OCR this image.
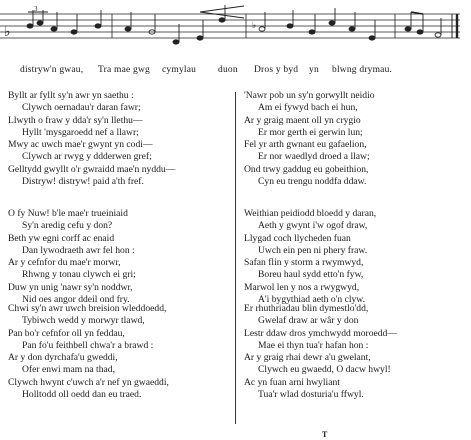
♭
3
♭
distryw'n gwau, Tra mae gwg cymylau duon Dros y byd yn blwng drymau.
Byllt ar fyllt sy'n awr yn saethu :
Clywch oernadau'r daran fawr;
Llwyth o fraw y dda'r sy'n llethu—
Hyllt 'mysgaroedd nef a llawr;
Mwy ac uwch mae'r gwynt yn codi—
Clywch ar rwyg y ddderwen gref;
Gelltydd gwyllt o'r gwraidd mae'n nyddu—
Distryw! distryw! paid a'th fref.
O fy Nuw! b'le mae'r trueiniaid
Sy'n aredig cefu y don?
Beth yw egni corff ac enaid
Dan lywodraeth awr fel hon :
Ar y cefnfor du mae'r morwr,
Rhwng y tonau clywch ei gri;
Duw yn unig 'nawr sy'n noddwr,
Nid oes angor ddeil ond fry.
Chwi sy'n awr uwch breision wleddoedd,
Tybiwch wedd y morwyr tlawd,
Pan bo'r cefnfor oll yn feddau,
Pan fo'u feithbell chwa'r a brawd :
Ar y don dyrchafa'u gweddi,
Ofer enwi mam na thad,
Clywch hwynt c'uwch a'r nef yn gwaeddi,
Holltodd oll oedd dan eu traed.
'Nawr pob un sy'n gorwyllt neidio
Am ei fywyd bach ei hun,
Ar y graig maent oll yn crygio
Er mor gerth ei gerwin lun;
Fel yr arth gwnant eu gafaelion,
Er nor waedlyd droed a llaw;
Ond trwy gaddug eu gobeithion,
Cyn eu trengu noddfa ddaw.
Weithian peidiodd bloedd y daran,
Aeth y gwynt i'w ogof draw,
Llygad coch llycheden fuan
Uwch ein pen ni phery fraw.
Safan flin y storm a rwymwyd,
Boreu haul sydd etto'n fyw,
Marwol len y nos a rwygwyd,
A'i bygythiad aeth o'n clyw.
Er rhuthriadau blin dymestlo'dd,
Gwelaf draw ar wâr y don
Lestr ddaw dros ymchwydd moroedd—
Mae ei thyn tua'r hafan hon :
Ar y graig rhai dewr a'u gwelant,
Clywch eu gwaedd, O dacw hwyl!
Ac yn fuan arni hwyliant
Tua'r wlad dosturia'u ffwyl.
T
